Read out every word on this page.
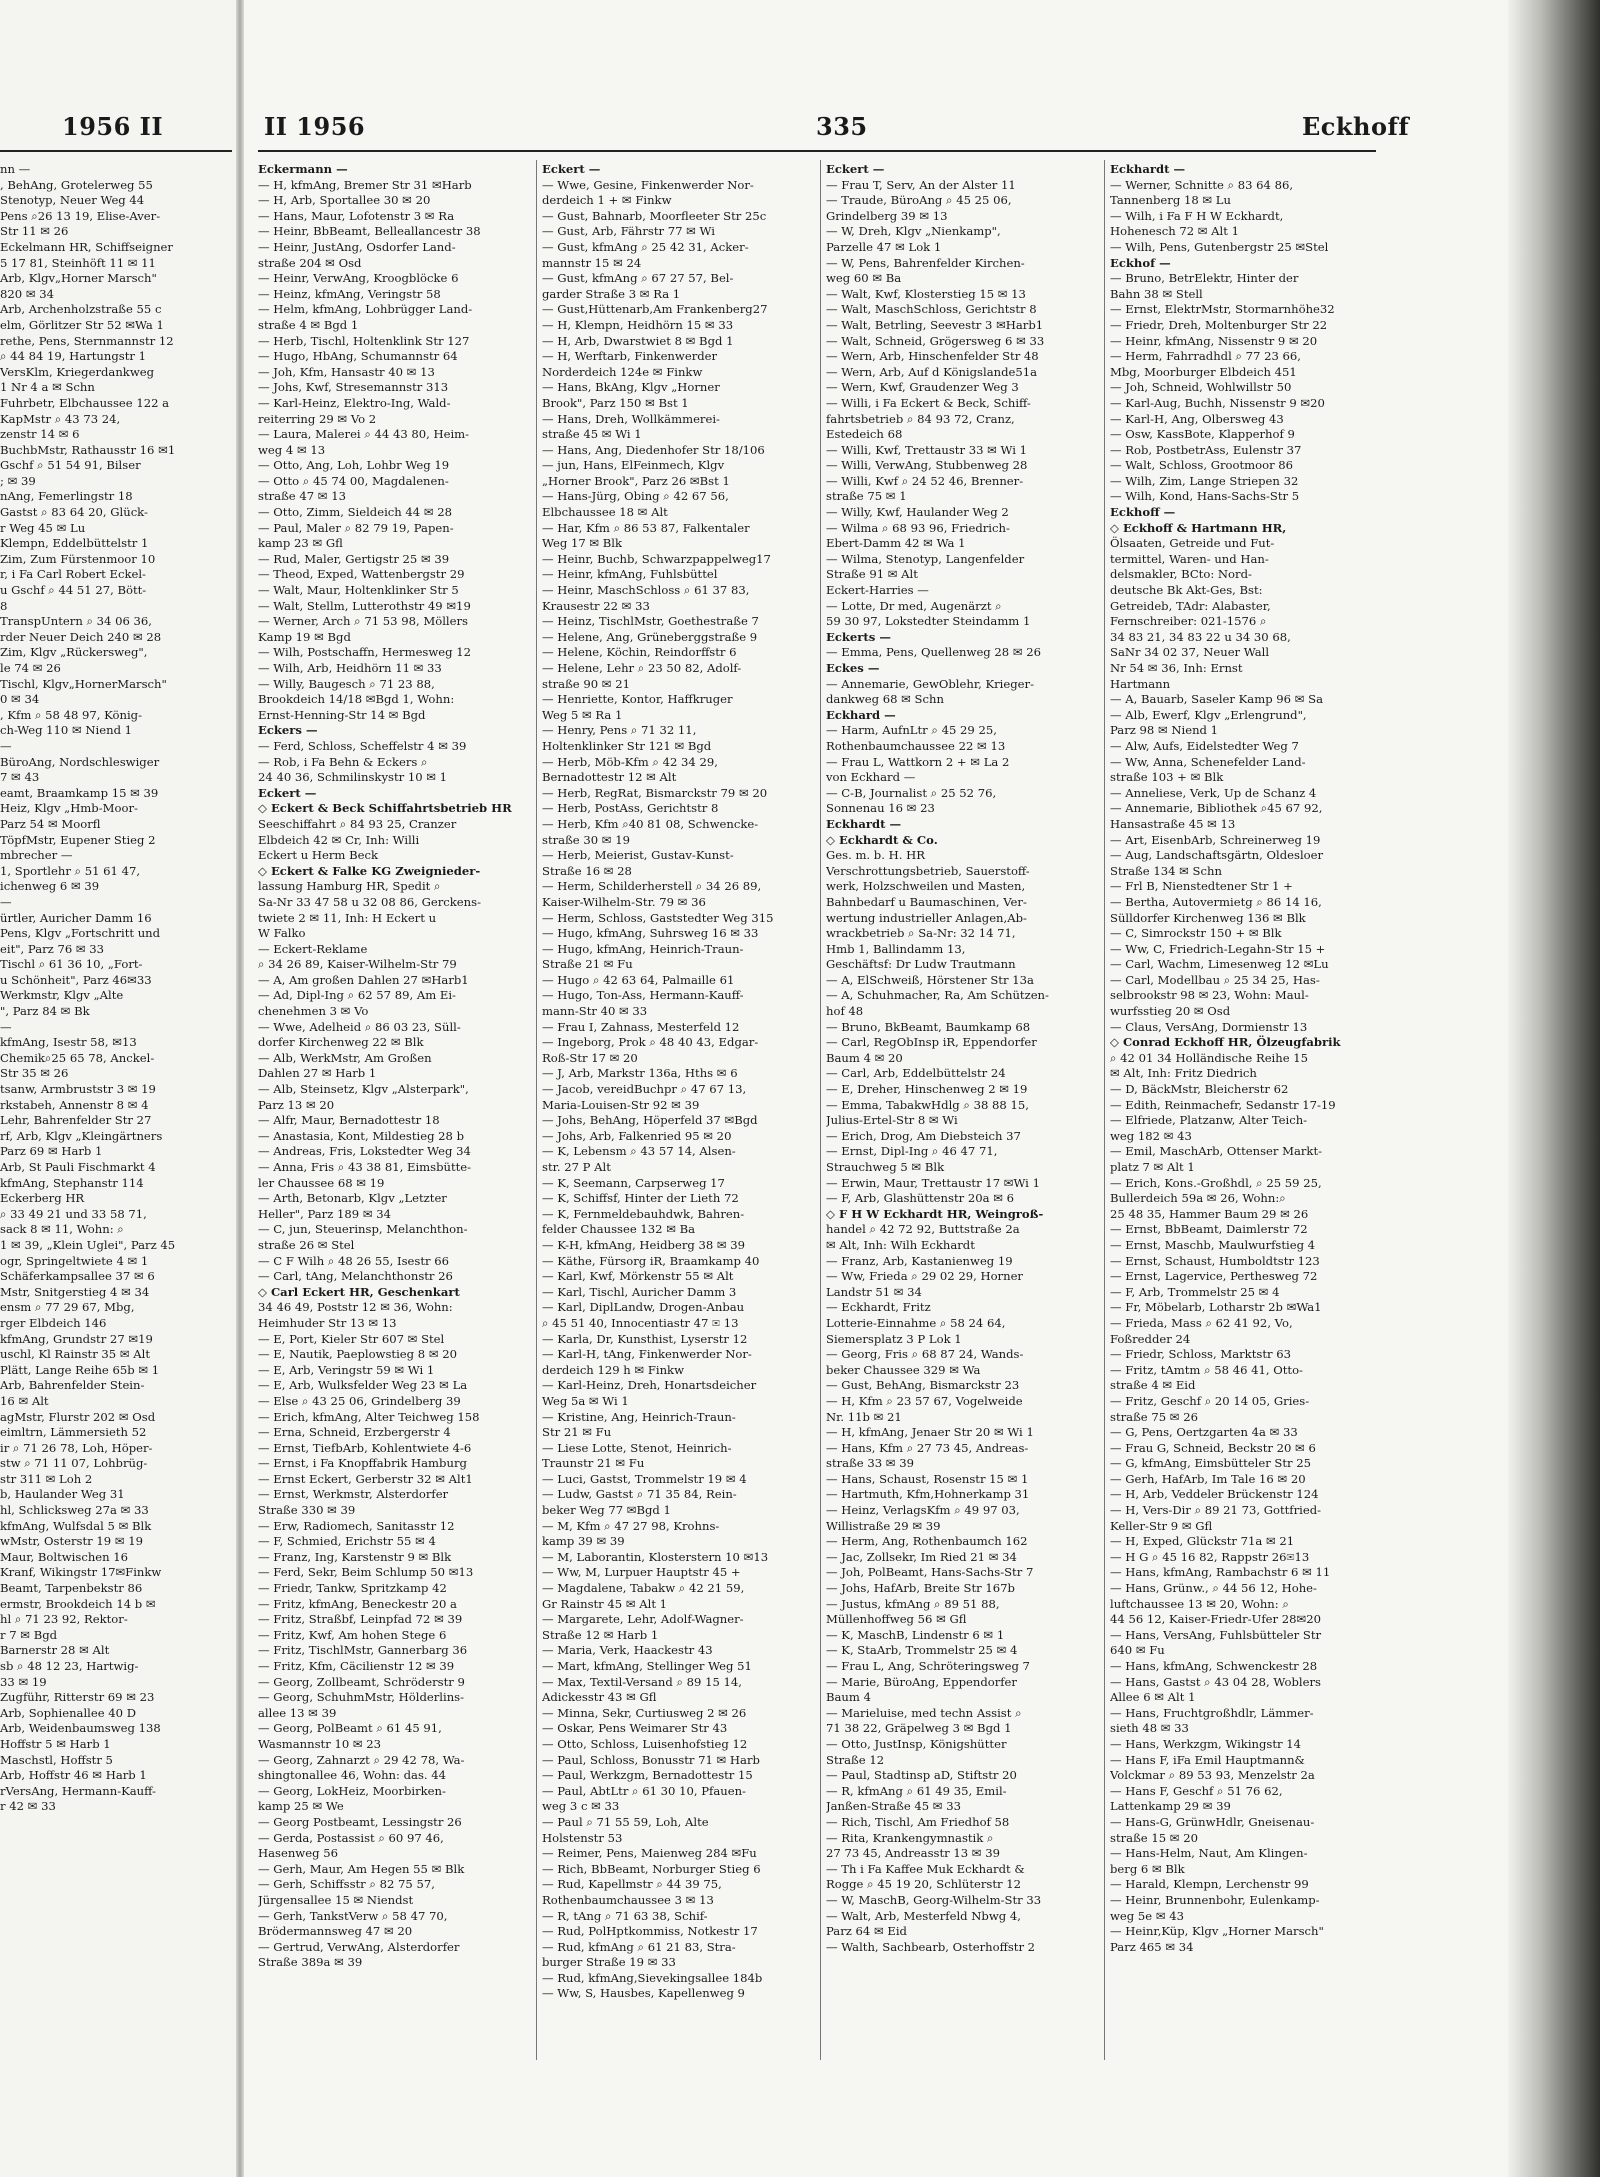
1956 II
nn —
, BehAng, Grotelerweg 55
Stenotyp, Neuer Weg 44
Pens ⌕26 13 19, Elise-Aver-
Str 11 ✉ 26
Eckelmann HR, Schiffseigner
5 17 81, Steinhöft 11 ✉ 11
Arb, Klgv„Horner Marsch"
820 ✉ 34
Arb, Archenholzstraße 55 c
elm, Görlitzer Str 52 ✉Wa 1
rethe, Pens, Sternmannstr 12
⌕ 44 84 19, Hartungstr 1
VersKlm, Kriegerdankweg
1 Nr 4 a ✉ Schn
Fuhrbetr, Elbchaussee 122 a
KapMstr ⌕ 43 73 24,
zenstr 14 ✉ 6
BuchbMstr, Rathausstr 16 ✉1
Gschf ⌕ 51 54 91, Bilser
; ✉ 39
nAng, Femerlingstr 18
Gastst ⌕ 83 64 20, Glück-
r Weg 45 ✉ Lu
Klempn, Eddelbüttelstr 1
Zim, Zum Fürstenmoor 10
r, i Fa Carl Robert Eckel-
u Gschf ⌕ 44 51 27, Bött-
8
TranspUntern ⌕ 34 06 36,
rder Neuer Deich 240 ✉ 28
Zim, Klgv „Rückersweg",
le 74 ✉ 26
Tischl, Klgv„HornerMarsch"
0 ✉ 34
, Kfm ⌕ 58 48 97, König-
ch-Weg 110 ✉ Niend 1
—
BüroAng, Nordschleswiger
7 ✉ 43
eamt, Braamkamp 15 ✉ 39
Heiz, Klgv „Hmb-Moor-
Parz 54 ✉ Moorfl
TöpfMstr, Eupener Stieg 2
mbrecher —
1, Sportlehr ⌕ 51 61 47,
ichenweg 6 ✉ 39
—
ürtler, Auricher Damm 16
Pens, Klgv „Fortschritt und
eit", Parz 76 ✉ 33
Tischl ⌕ 61 36 10, „Fort-
u Schönheit", Parz 46✉33
Werkmstr, Klgv „Alte
", Parz 84 ✉ Bk
—
kfmAng, Isestr 58, ✉13
Chemik⌕25 65 78, Anckel-
Str 35 ✉ 26
tsanw, Armbruststr 3 ✉ 19
rkstabeh, Annenstr 8 ✉ 4
Lehr, Bahrenfelder Str 27
rf, Arb, Klgv „Kleingärtners
Parz 69 ✉ Harb 1
Arb, St Pauli Fischmarkt 4
kfmAng, Stephanstr 114
Eckerberg HR
⌕ 33 49 21 und 33 58 71,
sack 8 ✉ 11, Wohn: ⌕
1 ✉ 39, „Klein Uglei", Parz 45
ogr, Springeltwiete 4 ✉ 1
Schäferkampsallee 37 ✉ 6
Mstr, Snitgerstieg 4 ✉ 34
ensm ⌕ 77 29 67, Mbg,
rger Elbdeich 146
kfmAng, Grundstr 27 ✉19
uschl, Kl Rainstr 35 ✉ Alt
Plätt, Lange Reihe 65b ✉ 1
Arb, Bahrenfelder Stein-
16 ✉ Alt
agMstr, Flurstr 202 ✉ Osd
eimltrn, Lämmersieth 52
ir ⌕ 71 26 78, Loh, Höper-
stw ⌕ 71 11 07, Lohbrüg-
str 311 ✉ Loh 2
b, Haulander Weg 31
hl, Schlicksweg 27a ✉ 33
kfmAng, Wulfsdal 5 ✉ Blk
wMstr, Osterstr 19 ✉ 19
Maur, Boltwischen 16
Kranf, Wikingstr 17✉Finkw
Beamt, Tarpenbekstr 86
ermstr, Brookdeich 14 b ✉
hl ⌕ 71 23 92, Rektor-
r 7 ✉ Bgd
Barnerstr 28 ✉ Alt
sb ⌕ 48 12 23, Hartwig-
33 ✉ 19
Zugführ, Ritterstr 69 ✉ 23
Arb, Sophienallee 40 D
Arb, Weidenbaumsweg 138
Hoffstr 5 ✉ Harb 1
Maschstl, Hoffstr 5
Arb, Hoffstr 46 ✉ Harb 1
rVersAng, Hermann-Kauff-
r 42 ✉ 33
II 1956	335	Eckhoff
Eckermann —
— H, kfmAng, Bremer Str 31 ✉Harb
— H, Arb, Sportallee 30 ✉ 20
— Hans, Maur, Lofotenstr 3 ✉ Ra
— Heinr, BbBeamt, Belleallancestr 38
— Heinr, JustAng, Osdorfer Land-
straße 204 ✉ Osd
— Heinr, VerwAng, Kroogblöcke 6
— Heinz, kfmAng, Veringstr 58
— Helm, kfmAng, Lohbrügger Land-
straße 4 ✉ Bgd 1
— Herb, Tischl, Holtenklink Str 127
— Hugo, HbAng, Schumannstr 64
— Joh, Kfm, Hansastr 40 ✉ 13
— Johs, Kwf, Stresemannstr 313
— Karl-Heinz, Elektro-Ing, Wald-
reiterring 29 ✉ Vo 2
— Laura, Malerei ⌕ 44 43 80, Heim-
weg 4 ✉ 13
— Otto, Ang, Loh, Lohbr Weg 19
— Otto ⌕ 45 74 00, Magdalenen-
straße 47 ✉ 13
— Otto, Zimm, Sieldeich 44 ✉ 28
— Paul, Maler ⌕ 82 79 19, Papen-
kamp 23 ✉ Gfl
— Rud, Maler, Gertigstr 25 ✉ 39
— Theod, Exped, Wattenbergstr 29
— Walt, Maur, Holtenklinker Str 5
— Walt, Stellm, Lutterothstr 49 ✉19
— Werner, Arch ⌕ 71 53 98, Möllers
Kamp 19 ✉ Bgd
— Wilh, Postschaffn, Hermesweg 12
— Wilh, Arb, Heidhörn 11 ✉ 33
— Willy, Baugesch ⌕ 71 23 88,
Brookdeich 14/18 ✉Bgd 1, Wohn:
Ernst-Henning-Str 14 ✉ Bgd
Eckers —
— Ferd, Schloss, Scheffelstr 4 ✉ 39
— Rob, i Fa Behn & Eckers ⌕
24 40 36, Schmilinskystr 10 ✉ 1
Eckert —
◇ Eckert & Beck Schiffahrtsbetrieb HR
Seeschiffahrt ⌕ 84 93 25, Cranzer
Elbdeich 42 ✉ Cr, Inh: Willi
Eckert u Herm Beck
◇ Eckert & Falke KG Zweignieder-
lassung Hamburg HR, Spedit ⌕
Sa-Nr 33 47 58 u 32 08 86, Gerckens-
twiete 2 ✉ 11, Inh: H Eckert u
W Falko
— Eckert-Reklame
⌕ 34 26 89, Kaiser-Wilhelm-Str 79
— A, Am großen Dahlen 27 ✉Harb1
— Ad, Dipl-Ing ⌕ 62 57 89, Am Ei-
chenehmen 3 ✉ Vo
— Wwe, Adelheid ⌕ 86 03 23, Süll-
dorfer Kirchenweg 22 ✉ Blk
— Alb, WerkMstr, Am Großen
Dahlen 27 ✉ Harb 1
— Alb, Steinsetz, Klgv „Alsterpark",
Parz 13 ✉ 20
— Alfr, Maur, Bernadottestr 18
— Anastasia, Kont, Mildestieg 28 b
— Andreas, Fris, Lokstedter Weg 34
— Anna, Fris ⌕ 43 38 81, Eimsbütte-
ler Chaussee 68 ✉ 19
— Arth, Betonarb, Klgv „Letzter
Heller", Parz 189 ✉ 34
— C, jun, Steuerinsp, Melanchthon-
straße 26 ✉ Stel
— C F Wilh ⌕ 48 26 55, Isestr 66
— Carl, tAng, Melanchthonstr 26
◇ Carl Eckert HR, Geschenkart
34 46 49, Poststr 12 ✉ 36, Wohn:
Heimhuder Str 13 ✉ 13
— E, Port, Kieler Str 607 ✉ Stel
— E, Nautik, Paeplowstieg 8 ✉ 20
— E, Arb, Veringstr 59 ✉ Wi 1
— E, Arb, Wulksfelder Weg 23 ✉ La
— Else ⌕ 43 25 06, Grindelberg 39
— Erich, kfmAng, Alter Teichweg 158
— Erna, Schneid, Erzbergerstr 4
— Ernst, TiefbArb, Kohlentwiete 4-6
— Ernst, i Fa Knopffabrik Hamburg
— Ernst Eckert, Gerberstr 32 ✉ Alt1
— Ernst, Werkmstr, Alsterdorfer
Straße 330 ✉ 39
— Erw, Radiomech, Sanitasstr 12
— F, Schmied, Erichstr 55 ✉ 4
— Franz, Ing, Karstenstr 9 ✉ Blk
— Ferd, Sekr, Beim Schlump 50 ✉13
— Friedr, Tankw, Spritzkamp 42
— Fritz, kfmAng, Beneckestr 20 a
— Fritz, Straßbf, Leinpfad 72 ✉ 39
— Fritz, Kwf, Am hohen Stege 6
— Fritz, TischlMstr, Gannerbarg 36
— Fritz, Kfm, Cäcilienstr 12 ✉ 39
— Georg, Zollbeamt, Schröderstr 9
— Georg, SchuhmMstr, Hölderlins-
allee 13 ✉ 39
— Georg, PolBeamt ⌕ 61 45 91,
Wasmannstr 10 ✉ 23
— Georg, Zahnarzt ⌕ 29 42 78, Wa-
shingtonallee 46, Wohn: das. 44
— Georg, LokHeiz, Moorbirken-
kamp 25 ✉ We
— Georg Postbeamt, Lessingstr 26
— Gerda, Postassist ⌕ 60 97 46,
Hasenweg 56
— Gerh, Maur, Am Hegen 55 ✉ Blk
— Gerh, Schiffsstr ⌕ 82 75 57,
Jürgensallee 15 ✉ Niendst
— Gerh, TankstVerw ⌕ 58 47 70,
Brödermannsweg 47 ✉ 20
— Gertrud, VerwAng, Alsterdorfer
Straße 389a ✉ 39
Eckert —
— Wwe, Gesine, Finkenwerder Nor-
derdeich 1 + ✉ Finkw
— Gust, Bahnarb, Moorfleeter Str 25c
— Gust, Arb, Fährstr 77 ✉ Wi
— Gust, kfmAng ⌕ 25 42 31, Acker-
mannstr 15 ✉ 24
— Gust, kfmAng ⌕ 67 27 57, Bel-
garder Straße 3 ✉ Ra 1
— Gust,Hüttenarb,Am Frankenberg27
— H, Klempn, Heidhörn 15 ✉ 33
— H, Arb, Dwarstwiet 8 ✉ Bgd 1
— H, Werftarb, Finkenwerder
Norderdeich 124e ✉ Finkw
— Hans, BkAng, Klgv „Horner
Brook", Parz 150 ✉ Bst 1
— Hans, Dreh, Wollkämmerei-
straße 45 ✉ Wi 1
— Hans, Ang, Diedenhofer Str 18/106
— jun, Hans, ElFeinmech, Klgv
„Horner Brook", Parz 26 ✉Bst 1
— Hans-Jürg, Obing ⌕ 42 67 56,
Elbchaussee 18 ✉ Alt
— Har, Kfm ⌕ 86 53 87, Falkentaler
Weg 17 ✉ Blk
— Heinr, Buchb, Schwarzpappelweg17
— Heinr, kfmAng, Fuhlsbüttel
— Heinr, MaschSchloss ⌕ 61 37 83,
Krausestr 22 ✉ 33
— Heinz, TischlMstr, Goethestraße 7
— Helene, Ang, Grüneberggstraße 9
— Helene, Köchin, Reindorffstr 6
— Helene, Lehr ⌕ 23 50 82, Adolf-
straße 90 ✉ 21
— Henriette, Kontor, Haffkruger
Weg 5 ✉ Ra 1
— Henry, Pens ⌕ 71 32 11,
Holtenklinker Str 121 ✉ Bgd
— Herb, Möb-Kfm ⌕ 42 34 29,
Bernadottestr 12 ✉ Alt
— Herb, RegRat, Bismarckstr 79 ✉ 20
— Herb, PostAss, Gerichtstr 8
— Herb, Kfm ⌕40 81 08, Schwencke-
straße 30 ✉ 19
— Herb, Meierist, Gustav-Kunst-
Straße 16 ✉ 28
— Herm, Schilderherstell ⌕ 34 26 89,
Kaiser-Wilhelm-Str. 79 ✉ 36
— Herm, Schloss, Gaststedter Weg 315
— Hugo, kfmAng, Suhrsweg 16 ✉ 33
— Hugo, kfmAng, Heinrich-Traun-
Straße 21 ✉ Fu
— Hugo ⌕ 42 63 64, Palmaille 61
— Hugo, Ton-Ass, Hermann-Kauff-
mann-Str 40 ✉ 33
— Frau I, Zahnass, Mesterfeld 12
— Ingeborg, Prok ⌕ 48 40 43, Edgar-
Roß-Str 17 ✉ 20
— J, Arb, Markstr 136a, Hths ✉ 6
— Jacob, vereidBuchpr ⌕ 47 67 13,
Maria-Louisen-Str 92 ✉ 39
— Johs, BehAng, Höperfeld 37 ✉Bgd
— Johs, Arb, Falkenried 95 ✉ 20
— K, Lebensm ⌕ 43 57 14, Alsen-
str. 27 P Alt
— K, Seemann, Carpserweg 17
— K, Schiffsf, Hinter der Lieth 72
— K, Fernmeldebauhdwk, Bahren-
felder Chaussee 132 ✉ Ba
— K-H, kfmAng, Heidberg 38 ✉ 39
— Käthe, Fürsorg iR, Braamkamp 40
— Karl, Kwf, Mörkenstr 55 ✉ Alt
— Karl, Tischl, Auricher Damm 3
— Karl, DiplLandw, Drogen-Anbau
⌕ 45 51 40, Innocentiastr 47 ✉ 13
— Karla, Dr, Kunsthist, Lyserstr 12
— Karl-H, tAng, Finkenwerder Nor-
derdeich 129 h ✉ Finkw
— Karl-Heinz, Dreh, Honartsdeicher
Weg 5a ✉ Wi 1
— Kristine, Ang, Heinrich-Traun-
Str 21 ✉ Fu
— Liese Lotte, Stenot, Heinrich-
Traunstr 21 ✉ Fu
— Luci, Gastst, Trommelstr 19 ✉ 4
— Ludw, Gastst ⌕ 71 35 84, Rein-
beker Weg 77 ✉Bgd 1
— M, Kfm ⌕ 47 27 98, Krohns-
kamp 39 ✉ 39
— M, Laborantin, Klosterstern 10 ✉13
— Ww, M, Lurpuer Hauptstr 45 +
— Magdalene, Tabakw ⌕ 42 21 59,
Gr Rainstr 45 ✉ Alt 1
— Margarete, Lehr, Adolf-Wagner-
Straße 12 ✉ Harb 1
— Maria, Verk, Haackestr 43
— Mart, kfmAng, Stellinger Weg 51
— Max, Textil-Versand ⌕ 89 15 14,
Adickesstr 43 ✉ Gfl
— Minna, Sekr, Curtiusweg 2 ✉ 26
— Oskar, Pens Weimarer Str 43
— Otto, Schloss, Luisenhofstieg 12
— Paul, Schloss, Bonusstr 71 ✉ Harb
— Paul, Werkzgm, Bernadottestr 15
— Paul, AbtLtr ⌕ 61 30 10, Pfauen-
weg 3 c ✉ 33
— Paul ⌕ 71 55 59, Loh, Alte
Holstenstr 53
— Reimer, Pens, Maienweg 284 ✉Fu
— Rich, BbBeamt, Norburger Stieg 6
— Rud, Kapellmstr ⌕ 44 39 75,
Rothenbaumchaussee 3 ✉ 13
— R, tAng ⌕ 71 63 38, Schif-
— Rud, PolHptkommiss, Notkestr 17
— Rud, kfmAng ⌕ 61 21 83, Stra-
burger Straße 19 ✉ 33
— Rud, kfmAng,Sievekingsallee 184b
— Ww, S, Hausbes, Kapellenweg 9
Eckert —
— Frau T, Serv, An der Alster 11
— Traude, BüroAng ⌕ 45 25 06,
Grindelberg 39 ✉ 13
— W, Dreh, Klgv „Nienkamp",
Parzelle 47 ✉ Lok 1
— W, Pens, Bahrenfelder Kirchen-
weg 60 ✉ Ba
— Walt, Kwf, Klosterstieg 15 ✉ 13
— Walt, MaschSchloss, Gerichtstr 8
— Walt, Betrling, Seevestr 3 ✉Harb1
— Walt, Schneid, Grögersweg 6 ✉ 33
— Wern, Arb, Hinschenfelder Str 48
— Wern, Arb, Auf d Königslande51a
— Wern, Kwf, Graudenzer Weg 3
— Willi, i Fa Eckert & Beck, Schiff-
fahrtsbetrieb ⌕ 84 93 72, Cranz,
Estedeich 68
— Willi, Kwf, Trettaustr 33 ✉ Wi 1
— Willi, VerwAng, Stubbenweg 28
— Willi, Kwf ⌕ 24 52 46, Brenner-
straße 75 ✉ 1
— Willy, Kwf, Haulander Weg 2
— Wilma ⌕ 68 93 96, Friedrich-
Ebert-Damm 42 ✉ Wa 1
— Wilma, Stenotyp, Langenfelder
Straße 91 ✉ Alt
Eckert-Harries —
— Lotte, Dr med, Augenärzt ⌕
59 30 97, Lokstedter Steindamm 1
Eckerts —
— Emma, Pens, Quellenweg 28 ✉ 26
Eckes —
— Annemarie, GewOblehr, Krieger-
dankweg 68 ✉ Schn
Eckhard —
— Harm, AufnLtr ⌕ 45 29 25,
Rothenbaumchaussee 22 ✉ 13
— Frau L, Wattkorn 2 + ✉ La 2
von Eckhard —
— C-B, Journalist ⌕ 25 52 76,
Sonnenau 16 ✉ 23
Eckhardt —
◇ Eckhardt & Co.
Ges. m. b. H. HR
Verschrottungsbetrieb, Sauerstoff-
werk, Holzschweilen und Masten,
Bahnbedarf u Baumaschinen, Ver-
wertung industrieller Anlagen,Ab-
wrackbetrieb ⌕ Sa-Nr: 32 14 71,
Hmb 1, Ballindamm 13,
Geschäftsf: Dr Ludw Trautmann
— A, ElSchweiß, Hörstener Str 13a
— A, Schuhmacher, Ra, Am Schützen-
hof 48
— Bruno, BkBeamt, Baumkamp 68
— Carl, RegObInsp iR, Eppendorfer
Baum 4 ✉ 20
— Carl, Arb, Eddelbüttelstr 24
— E, Dreher, Hinschenweg 2 ✉ 19
— Emma, TabakwHdlg ⌕ 38 88 15,
Julius-Ertel-Str 8 ✉ Wi
— Erich, Drog, Am Diebsteich 37
— Ernst, Dipl-Ing ⌕ 46 47 71,
Strauchweg 5 ✉ Blk
— Erwin, Maur, Trettaustr 17 ✉Wi 1
— F, Arb, Glashüttenstr 20a ✉ 6
◇ F H W Eckhardt HR, Weingroß-
handel ⌕ 42 72 92, Buttstraße 2a
✉ Alt, Inh: Wilh Eckhardt
— Franz, Arb, Kastanienweg 19
— Ww, Frieda ⌕ 29 02 29, Horner
Landstr 51 ✉ 34
— Eckhardt, Fritz
Lotterie-Einnahme ⌕ 58 24 64,
Siemersplatz 3 P Lok 1
— Georg, Fris ⌕ 68 87 24, Wands-
beker Chaussee 329 ✉ Wa
— Gust, BehAng, Bismarckstr 23
— H, Kfm ⌕ 23 57 67, Vogelweide
Nr. 11b ✉ 21
— H, kfmAng, Jenaer Str 20 ✉ Wi 1
— Hans, Kfm ⌕ 27 73 45, Andreas-
straße 33 ✉ 39
— Hans, Schaust, Rosenstr 15 ✉ 1
— Hartmuth, Kfm,Hohnerkamp 31
— Heinz, VerlagsKfm ⌕ 49 97 03,
Willistraße 29 ✉ 39
— Herm, Ang, Rothenbaumch 162
— Jac, Zollsekr, Im Ried 21 ✉ 34
— Joh, PolBeamt, Hans-Sachs-Str 7
— Johs, HafArb, Breite Str 167b
— Justus, kfmAng ⌕ 89 51 88,
Müllenhoffweg 56 ✉ Gfl
— K, MaschB, Lindenstr 6 ✉ 1
— K, StaArb, Trommelstr 25 ✉ 4
— Frau L, Ang, Schröteringsweg 7
— Marie, BüroAng, Eppendorfer
Baum 4
— Marieluise, med techn Assist ⌕
71 38 22, Gräpelweg 3 ✉ Bgd 1
— Otto, JustInsp, Königshütter
Straße 12
— Paul, Stadtinsp aD, Stiftstr 20
— R, kfmAng ⌕ 61 49 35, Emil-
Janßen-Straße 45 ✉ 33
— Rich, Tischl, Am Friedhof 58
— Rita, Krankengymnastik ⌕
27 73 45, Andreasstr 13 ✉ 39
— Th i Fa Kaffee Muk Eckhardt &
Rogge ⌕ 45 19 20, Schlüterstr 12
— W, MaschB, Georg-Wilhelm-Str 33
— Walt, Arb, Mesterfeld Nbwg 4,
Parz 64 ✉ Eid
— Walth, Sachbearb, Osterhoffstr 2
Eckhardt —
— Werner, Schnitte ⌕ 83 64 86,
Tannenberg 18 ✉ Lu
— Wilh, i Fa F H W Eckhardt,
Hohenesch 72 ✉ Alt 1
— Wilh, Pens, Gutenbergstr 25 ✉Stel
Eckhof —
— Bruno, BetrElektr, Hinter der
Bahn 38 ✉ Stell
— Ernst, ElektrMstr, Stormarnhöhe32
— Friedr, Dreh, Moltenburger Str 22
— Heinr, kfmAng, Nissenstr 9 ✉ 20
— Herm, Fahrradhdl ⌕ 77 23 66,
Mbg, Moorburger Elbdeich 451
— Joh, Schneid, Wohlwillstr 50
— Karl-Aug, Buchh, Nissenstr 9 ✉20
— Karl-H, Ang, Olbersweg 43
— Osw, KassBote, Klapperhof 9
— Rob, PostbetrAss, Eulenstr 37
— Walt, Schloss, Grootmoor 86
— Wilh, Zim, Lange Striepen 32
— Wilh, Kond, Hans-Sachs-Str 5
Eckhoff —
◇ Eckhoff & Hartmann HR,
Ölsaaten, Getreide und Fut-
termittel, Waren- und Han-
delsmakler, BCto: Nord-
deutsche Bk Akt-Ges, Bst:
Getreideb, TAdr: Alabaster,
Fernschreiber: 021-1576 ⌕
34 83 21, 34 83 22 u 34 30 68,
SaNr 34 02 37, Neuer Wall
Nr 54 ✉ 36, Inh: Ernst
Hartmann
— A, Bauarb, Saseler Kamp 96 ✉ Sa
— Alb, Ewerf, Klgv „Erlengrund",
Parz 98 ✉ Niend 1
— Alw, Aufs, Eidelstedter Weg 7
— Ww, Anna, Schenefelder Land-
straße 103 + ✉ Blk
— Anneliese, Verk, Up de Schanz 4
— Annemarie, Bibliothek ⌕45 67 92,
Hansastraße 45 ✉ 13
— Art, EisenbArb, Schreinerweg 19
— Aug, Landschaftsgärtn, Oldesloer
Straße 134 ✉ Schn
— Frl B, Nienstedtener Str 1 +
— Bertha, Autovermietg ⌕ 86 14 16,
Sülldorfer Kirchenweg 136 ✉ Blk
— C, Simrockstr 150 + ✉ Blk
— Ww, C, Friedrich-Legahn-Str 15 +
— Carl, Wachm, Limesenweg 12 ✉Lu
— Carl, Modellbau ⌕ 25 34 25, Has-
selbrookstr 98 ✉ 23, Wohn: Maul-
wurfsstieg 20 ✉ Osd
— Claus, VersAng, Dormienstr 13
◇ Conrad Eckhoff HR, Ölzeugfabrik
⌕ 42 01 34 Holländische Reihe 15
✉ Alt, Inh: Fritz Diedrich
— D, BäckMstr, Bleicherstr 62
— Edith, Reinmachefr, Sedanstr 17-19
— Elfriede, Platzanw, Alter Teich-
weg 182 ✉ 43
— Emil, MaschArb, Ottenser Markt-
platz 7 ✉ Alt 1
— Erich, Kons.-Großhdl, ⌕ 25 59 25,
Bullerdeich 59a ✉ 26, Wohn:⌕
25 48 35, Hammer Baum 29 ✉ 26
— Ernst, BbBeamt, Daimlerstr 72
— Ernst, Maschb, Maulwurfstieg 4
— Ernst, Schaust, Humboldtstr 123
— Ernst, Lagervice, Perthesweg 72
— F, Arb, Trommelstr 25 ✉ 4
— Fr, Möbelarb, Lotharstr 2b ✉Wa1
— Frieda, Mass ⌕ 62 41 92, Vo,
Foßredder 24
— Friedr, Schloss, Marktstr 63
— Fritz, tAmtm ⌕ 58 46 41, Otto-
straße 4 ✉ Eid
— Fritz, Geschf ⌕ 20 14 05, Gries-
straße 75 ✉ 26
— G, Pens, Oertzgarten 4a ✉ 33
— Frau G, Schneid, Beckstr 20 ✉ 6
— G, kfmAng, Eimsbütteler Str 25
— Gerh, HafArb, Im Tale 16 ✉ 20
— H, Arb, Veddeler Brückenstr 124
— H, Vers-Dir ⌕ 89 21 73, Gottfried-
Keller-Str 9 ✉ Gfl
— H, Exped, Glückstr 71a ✉ 21
— H G ⌕ 45 16 82, Rappstr 26✉13
— Hans, kfmAng, Rambachstr 6 ✉ 11
— Hans, Grünw., ⌕ 44 56 12, Hohe-
luftchaussee 13 ✉ 20, Wohn: ⌕
44 56 12, Kaiser-Friedr-Ufer 28✉20
— Hans, VersAng, Fuhlsbütteler Str
640 ✉ Fu
— Hans, kfmAng, Schwenckestr 28
— Hans, Gastst ⌕ 43 04 28, Woblers
Allee 6 ✉ Alt 1
— Hans, Fruchtgroßhdlr, Lämmer-
sieth 48 ✉ 33
— Hans, Werkzgm, Wikingstr 14
— Hans F, iFa Emil Hauptmann&
Volckmar ⌕ 89 53 93, Menzelstr 2a
— Hans F, Geschf ⌕ 51 76 62,
Lattenkamp 29 ✉ 39
— Hans-G, GrünwHdlr, Gneisenau-
straße 15 ✉ 20
— Hans-Helm, Naut, Am Klingen-
berg 6 ✉ Blk
— Harald, Klempn, Lerchenstr 99
— Heinr, Brunnenbohr, Eulenkamp-
weg 5e ✉ 43
— Heinr,Küp, Klgv „Horner Marsch"
Parz 465 ✉ 34
